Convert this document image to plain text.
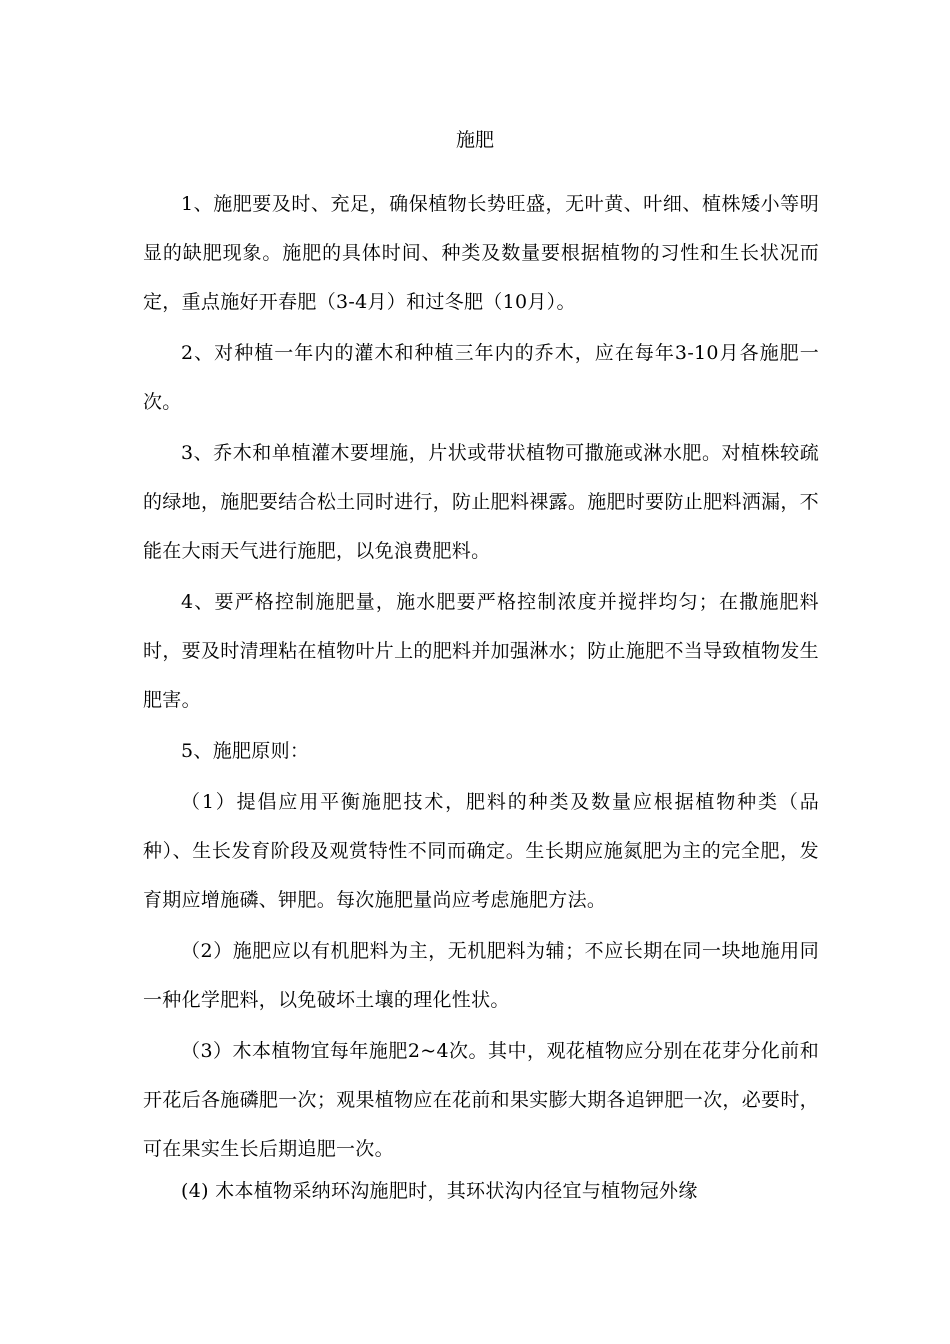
施肥

1、施肥要及时、充足，确保植物长势旺盛，无叶黄、叶细、植株矮小等明显的缺肥现象。施肥的具体时间、种类及数量要根据植物的习性和生长状况而定，重点施好开春肥（3-4月）和过冬肥（10月）。

2、对种植一年内的灌木和种植三年内的乔木，应在每年3-10月各施肥一次。

3、乔木和单植灌木要埋施，片状或带状植物可撒施或淋水肥。对植株较疏的绿地，施肥要结合松土同时进行，防止肥料裸露。施肥时要防止肥料洒漏，不能在大雨天气进行施肥，以免浪费肥料。

4、要严格控制施肥量，施水肥要严格控制浓度并搅拌均匀；在撒施肥料时，要及时清理粘在植物叶片上的肥料并加强淋水；防止施肥不当导致植物发生肥害。

5、施肥原则：

（1）提倡应用平衡施肥技术，肥料的种类及数量应根据植物种类（品种）、生长发育阶段及观赏特性不同而确定。生长期应施氮肥为主的完全肥，发育期应增施磷、钾肥。每次施肥量尚应考虑施肥方法。

（2）施肥应以有机肥料为主，无机肥料为辅；不应长期在同一块地施用同一种化学肥料，以免破坏土壤的理化性状。

（3）木本植物宜每年施肥2~4次。其中，观花植物应分别在花芽分化前和开花后各施磷肥一次；观果植物应在花前和果实膨大期各追钾肥一次，必要时，可在果实生长后期追肥一次。

(4) 木本植物采纳环沟施肥时，其环状沟内径宜与植物冠外缘
